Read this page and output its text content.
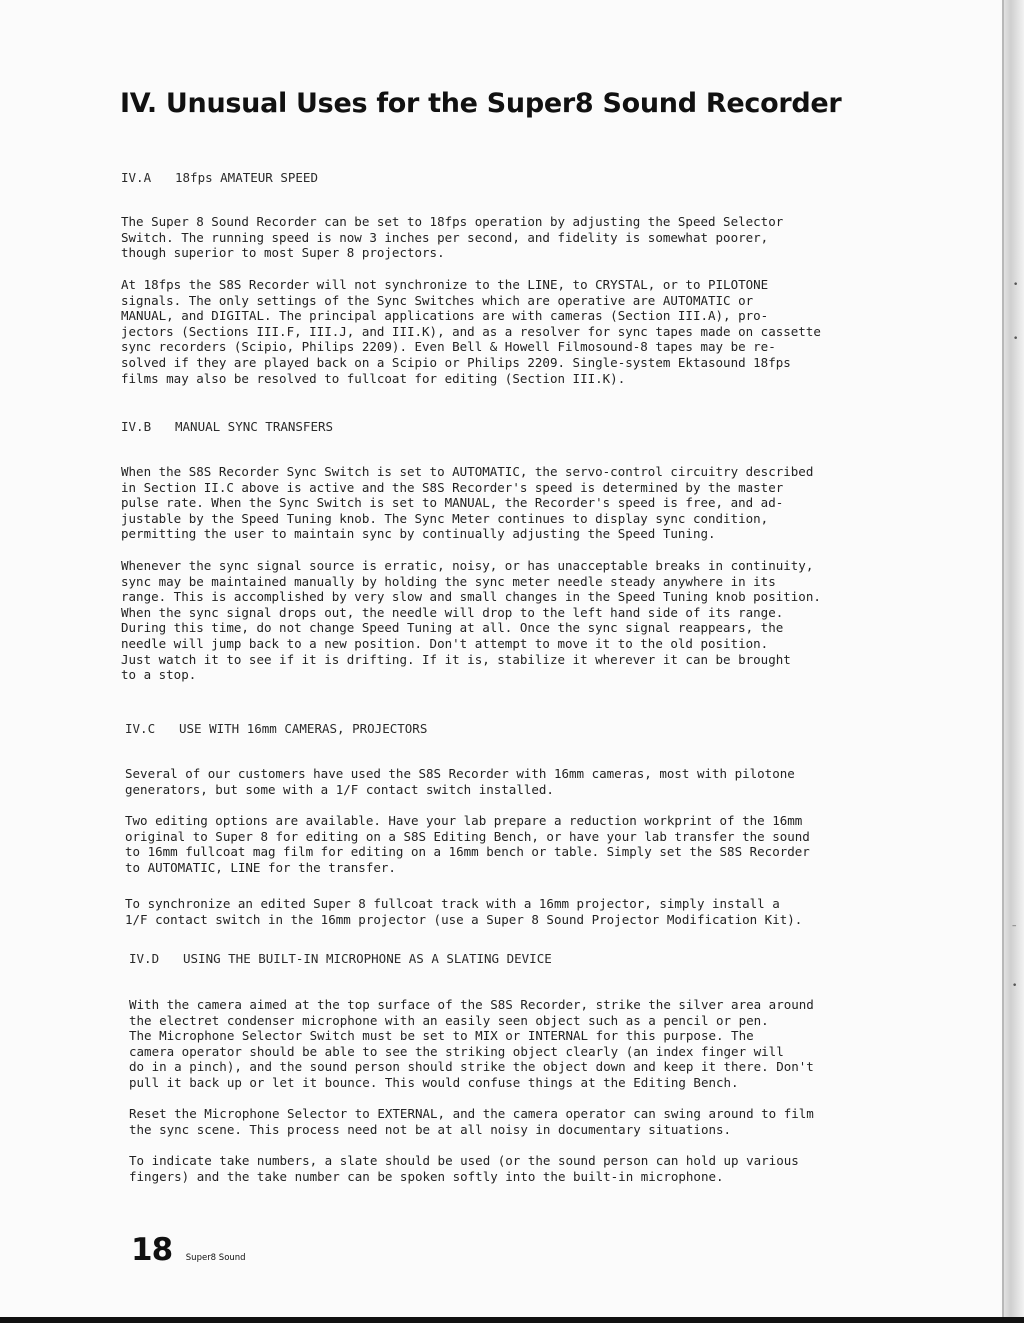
IV. Unusual Uses for the Super8 Sound Recorder
IV.A 18fps AMATEUR SPEED

The Super 8 Sound Recorder can be set to 18fps operation by adjusting the Speed Selector
Switch. The running speed is now 3 inches per second, and fidelity is somewhat poorer,
though superior to most Super 8 projectors.

At 18fps the S8S Recorder will not synchronize to the LINE, to CRYSTAL, or to PILOTONE
signals. The only settings of the Sync Switches which are operative are AUTOMATIC or
MANUAL, and DIGITAL. The principal applications are with cameras (Section III.A), pro-
jectors (Sections III.F, III.J, and III.K), and as a resolver for sync tapes made on cassette
sync recorders (Scipio, Philips 2209). Even Bell & Howell Filmosound-8 tapes may be re-
solved if they are played back on a Scipio or Philips 2209. Single-system Ektasound 18fps
films may also be resolved to fullcoat for editing (Section III.K).

IV.B MANUAL SYNC TRANSFERS

When the S8S Recorder Sync Switch is set to AUTOMATIC, the servo-control circuitry described
in Section II.C above is active and the S8S Recorder's speed is determined by the master
pulse rate. When the Sync Switch is set to MANUAL, the Recorder's speed is free, and ad-
justable by the Speed Tuning knob. The Sync Meter continues to display sync condition,
permitting the user to maintain sync by continually adjusting the Speed Tuning.

Whenever the sync signal source is erratic, noisy, or has unacceptable breaks in continuity,
sync may be maintained manually by holding the sync meter needle steady anywhere in its
range. This is accomplished by very slow and small changes in the Speed Tuning knob position.
When the sync signal drops out, the needle will drop to the left hand side of its range.
During this time, do not change Speed Tuning at all. Once the sync signal reappears, the
needle will jump back to a new position. Don't attempt to move it to the old position.
Just watch it to see if it is drifting. If it is, stabilize it wherever it can be brought
to a stop.

IV.C USE WITH 16mm CAMERAS, PROJECTORS

Several of our customers have used the S8S Recorder with 16mm cameras, most with pilotone
generators, but some with a 1/F contact switch installed.

Two editing options are available. Have your lab prepare a reduction workprint of the 16mm
original to Super 8 for editing on a S8S Editing Bench, or have your lab transfer the sound
to 16mm fullcoat mag film for editing on a 16mm bench or table. Simply set the S8S Recorder
to AUTOMATIC, LINE for the transfer.

To synchronize an edited Super 8 fullcoat track with a 16mm projector, simply install a
1/F contact switch in the 16mm projector (use a Super 8 Sound Projector Modification Kit).

IV.D USING THE BUILT-IN MICROPHONE AS A SLATING DEVICE

With the camera aimed at the top surface of the S8S Recorder, strike the silver area around
the electret condenser microphone with an easily seen object such as a pencil or pen.
The Microphone Selector Switch must be set to MIX or INTERNAL for this purpose. The
camera operator should be able to see the striking object clearly (an index finger will
do in a pinch), and the sound person should strike the object down and keep it there. Don't
pull it back up or let it bounce. This would confuse things at the Editing Bench.

Reset the Microphone Selector to EXTERNAL, and the camera operator can swing around to film
the sync scene. This process need not be at all noisy in documentary situations.

To indicate take numbers, a slate should be used (or the sound person can hold up various
fingers) and the take number can be spoken softly into the built-in microphone.

18 Super8 Sound
•
•
–
•
